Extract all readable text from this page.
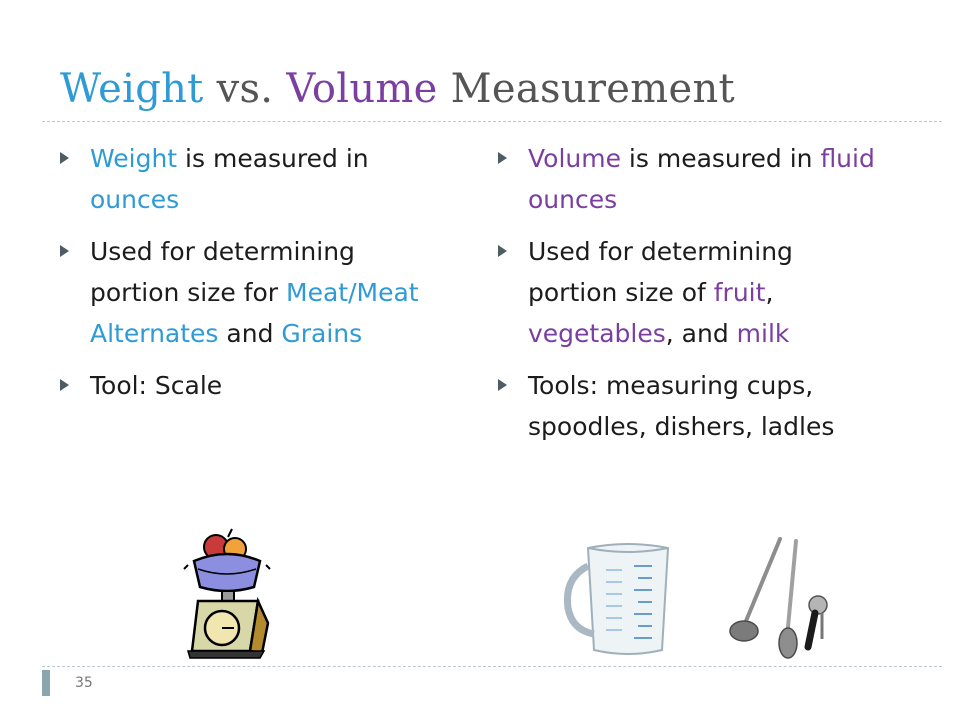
Weight vs. Volume Measurement
Weight is measured in ounces
Used for determining portion size for Meat/Meat Alternates and Grains
Tool: Scale
Volume is measured in fluid ounces
Used for determining portion size of fruit, vegetables, and milk
Tools: measuring cups, spoodles, dishers, ladles
35
